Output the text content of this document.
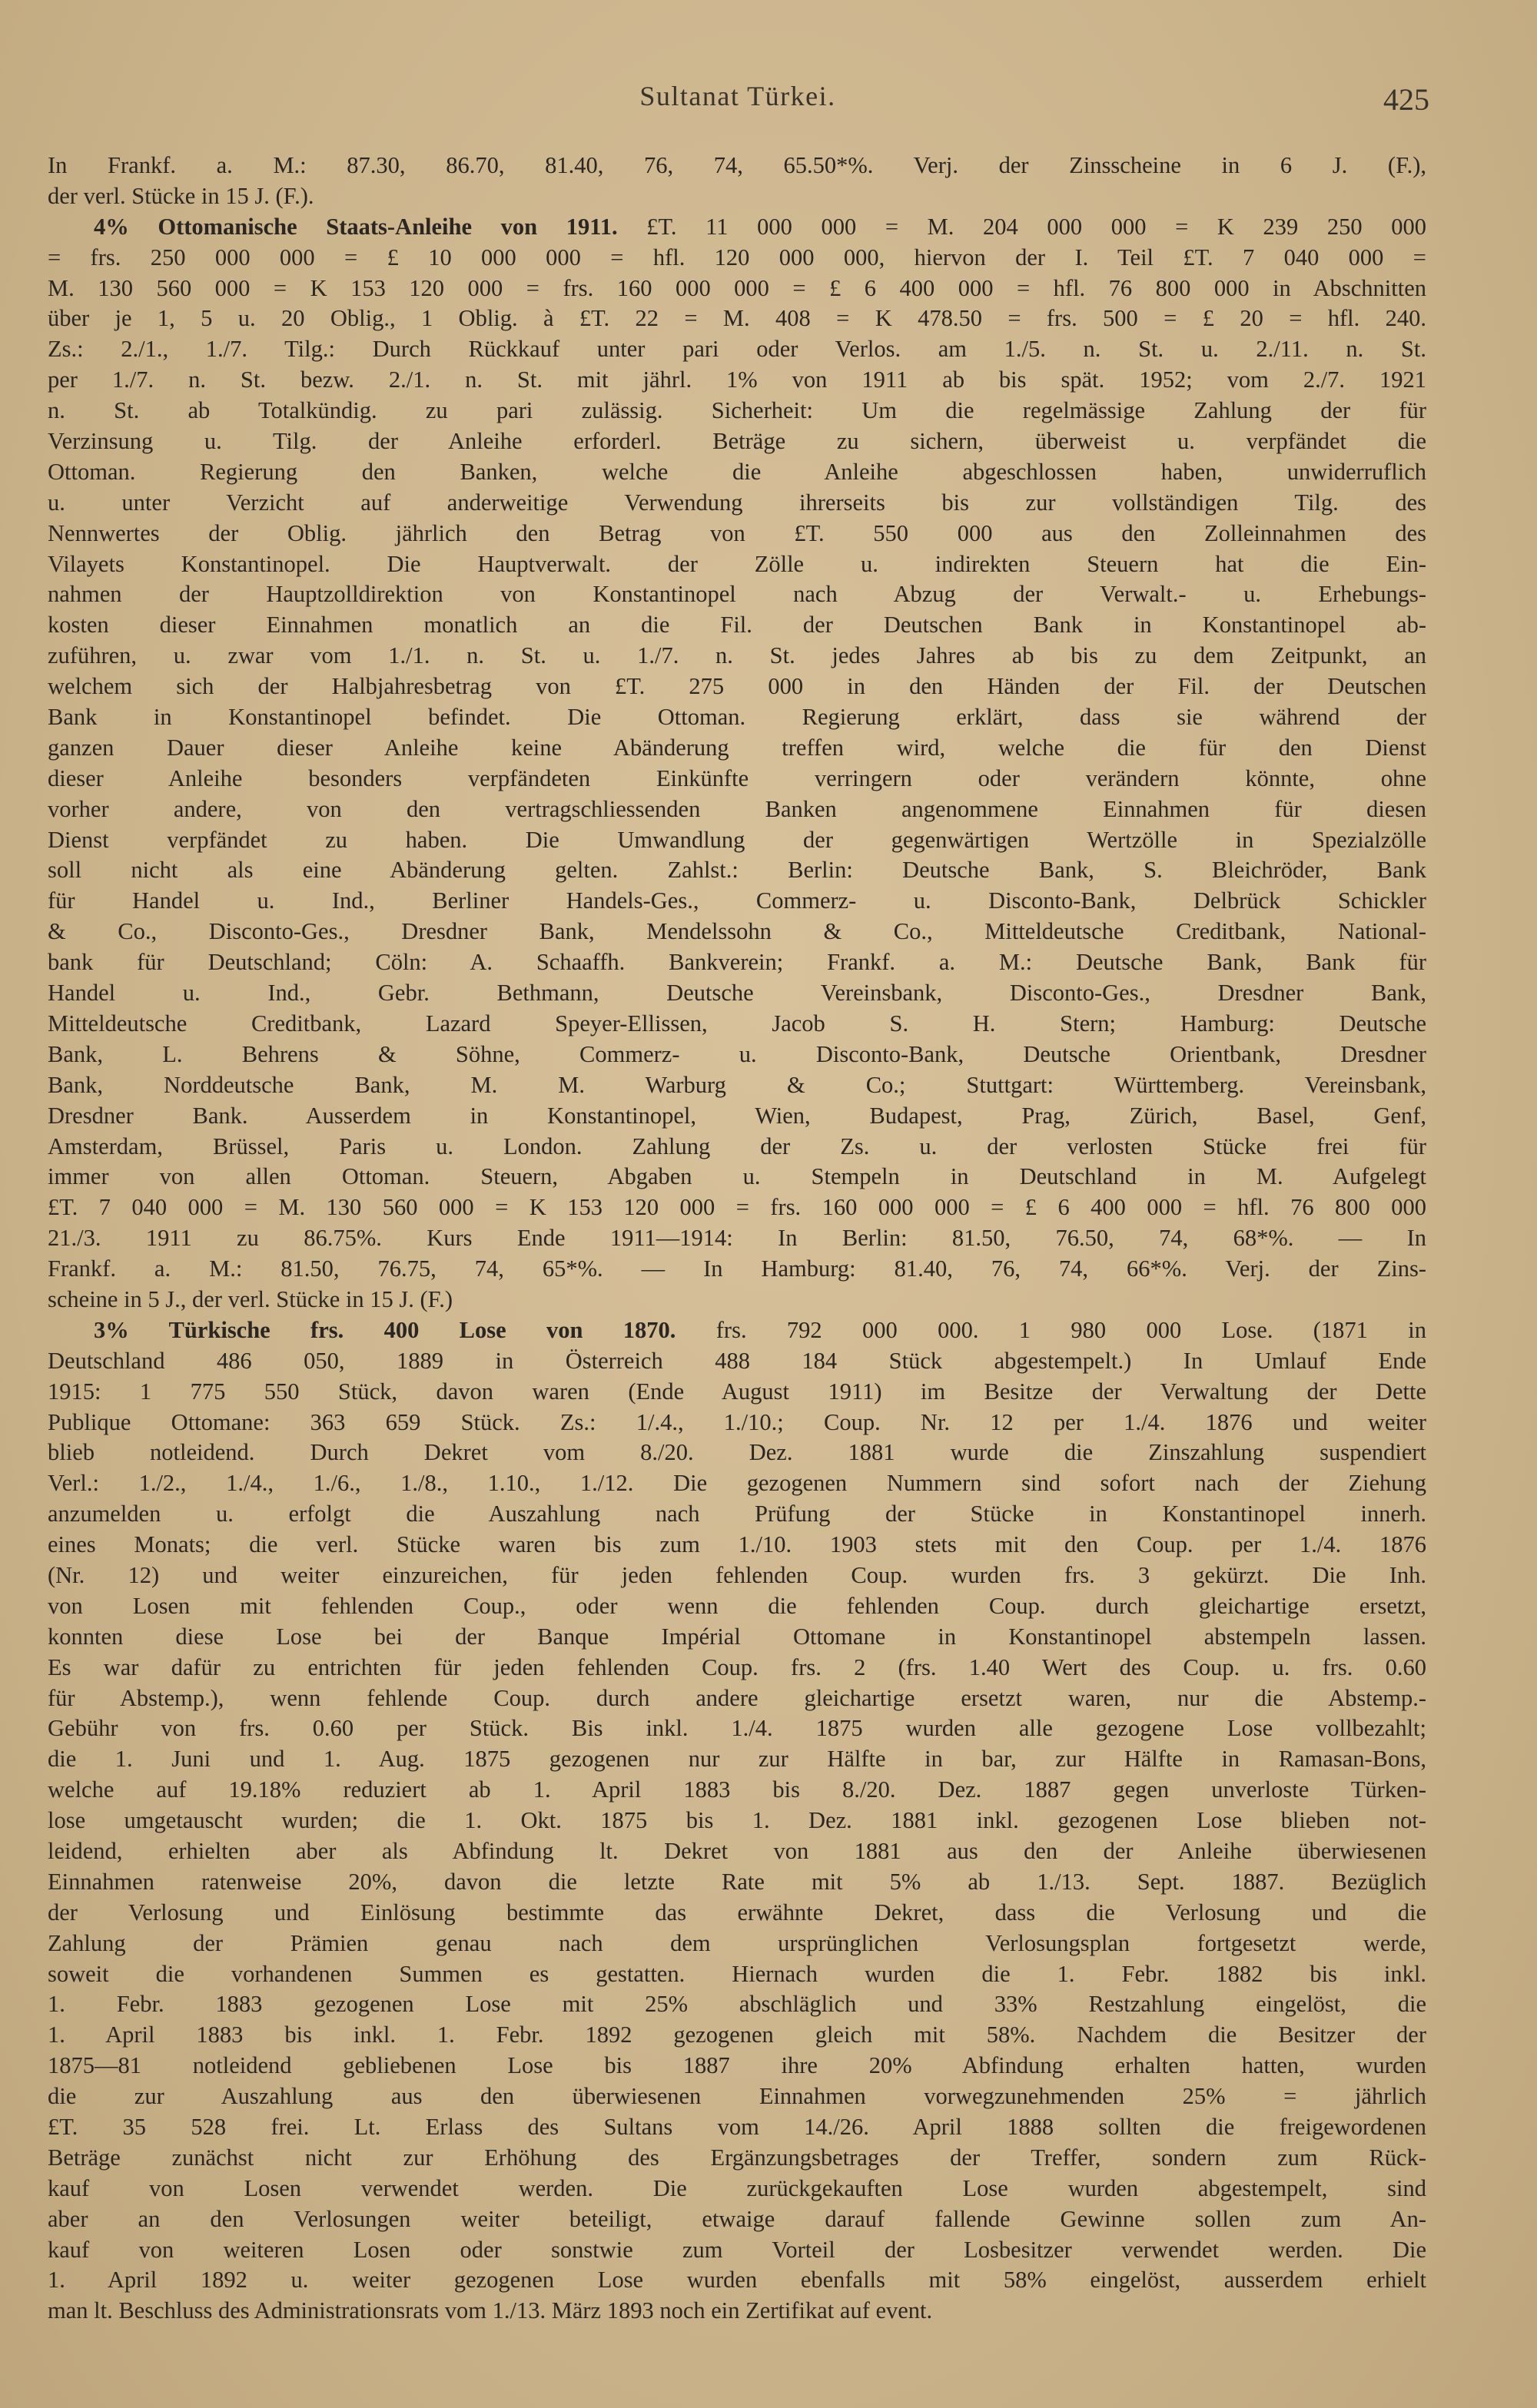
Sultanat Türkei.	425
In Frankf. a. M.: 87.30, 86.70, 81.40, 76, 74, 65.50*%. Verj. der Zinsscheine in 6 J. (F.),
der verl. Stücke in 15 J. (F.).
4% Ottomanische Staats-Anleihe von 1911. £T. 11 000 000 = M. 204 000 000 = K 239 250 000
= frs. 250 000 000 = £ 10 000 000 = hfl. 120 000 000, hiervon der I. Teil £T. 7 040 000 =
M. 130 560 000 = K 153 120 000 = frs. 160 000 000 = £ 6 400 000 = hfl. 76 800 000 in Abschnitten
über je 1, 5 u. 20 Oblig., 1 Oblig. à £T. 22 = M. 408 = K 478.50 = frs. 500 = £ 20 = hfl. 240.
Zs.: 2./1., 1./7. Tilg.: Durch Rückkauf unter pari oder Verlos. am 1./5. n. St. u. 2./11. n. St.
per 1./7. n. St. bezw. 2./1. n. St. mit jährl. 1% von 1911 ab bis spät. 1952; vom 2./7. 1921
n. St. ab Totalkündig. zu pari zulässig. Sicherheit: Um die regelmässige Zahlung der für
Verzinsung u. Tilg. der Anleihe erforderl. Beträge zu sichern, überweist u. verpfändet die
Ottoman. Regierung den Banken, welche die Anleihe abgeschlossen haben, unwiderruflich
u. unter Verzicht auf anderweitige Verwendung ihrerseits bis zur vollständigen Tilg. des
Nennwertes der Oblig. jährlich den Betrag von £T. 550 000 aus den Zolleinnahmen des
Vilayets Konstantinopel. Die Hauptverwalt. der Zölle u. indirekten Steuern hat die Ein-
nahmen der Hauptzolldirektion von Konstantinopel nach Abzug der Verwalt.- u. Erhebungs-
kosten dieser Einnahmen monatlich an die Fil. der Deutschen Bank in Konstantinopel ab-
zuführen, u. zwar vom 1./1. n. St. u. 1./7. n. St. jedes Jahres ab bis zu dem Zeitpunkt, an
welchem sich der Halbjahresbetrag von £T. 275 000 in den Händen der Fil. der Deutschen
Bank in Konstantinopel befindet. Die Ottoman. Regierung erklärt, dass sie während der
ganzen Dauer dieser Anleihe keine Abänderung treffen wird, welche die für den Dienst
dieser Anleihe besonders verpfändeten Einkünfte verringern oder verändern könnte, ohne
vorher andere, von den vertragschliessenden Banken angenommene Einnahmen für diesen
Dienst verpfändet zu haben. Die Umwandlung der gegenwärtigen Wertzölle in Spezialzölle
soll nicht als eine Abänderung gelten. Zahlst.: Berlin: Deutsche Bank, S. Bleichröder, Bank
für Handel u. Ind., Berliner Handels-Ges., Commerz- u. Disconto-Bank, Delbrück Schickler
& Co., Disconto-Ges., Dresdner Bank, Mendelssohn & Co., Mitteldeutsche Creditbank, National-
bank für Deutschland; Cöln: A. Schaaffh. Bankverein; Frankf. a. M.: Deutsche Bank, Bank für
Handel u. Ind., Gebr. Bethmann, Deutsche Vereinsbank, Disconto-Ges., Dresdner Bank,
Mitteldeutsche Creditbank, Lazard Speyer-Ellissen, Jacob S. H. Stern; Hamburg: Deutsche
Bank, L. Behrens & Söhne, Commerz- u. Disconto-Bank, Deutsche Orientbank, Dresdner
Bank, Norddeutsche Bank, M. M. Warburg & Co.; Stuttgart: Württemberg. Vereinsbank,
Dresdner Bank. Ausserdem in Konstantinopel, Wien, Budapest, Prag, Zürich, Basel, Genf,
Amsterdam, Brüssel, Paris u. London. Zahlung der Zs. u. der verlosten Stücke frei für
immer von allen Ottoman. Steuern, Abgaben u. Stempeln in Deutschland in M. Aufgelegt
£T. 7 040 000 = M. 130 560 000 = K 153 120 000 = frs. 160 000 000 = £ 6 400 000 = hfl. 76 800 000
21./3. 1911 zu 86.75%. Kurs Ende 1911—1914: In Berlin: 81.50, 76.50, 74, 68*%. — In
Frankf. a. M.: 81.50, 76.75, 74, 65*%. — In Hamburg: 81.40, 76, 74, 66*%. Verj. der Zins-
scheine in 5 J., der verl. Stücke in 15 J. (F.)
3% Türkische frs. 400 Lose von 1870. frs. 792 000 000. 1 980 000 Lose. (1871 in
Deutschland 486 050, 1889 in Österreich 488 184 Stück abgestempelt.) In Umlauf Ende
1915: 1 775 550 Stück, davon waren (Ende August 1911) im Besitze der Verwaltung der Dette
Publique Ottomane: 363 659 Stück. Zs.: 1/.4., 1./10.; Coup. Nr. 12 per 1./4. 1876 und weiter
blieb notleidend. Durch Dekret vom 8./20. Dez. 1881 wurde die Zinszahlung suspendiert
Verl.: 1./2., 1./4., 1./6., 1./8., 1.10., 1./12. Die gezogenen Nummern sind sofort nach der Ziehung
anzumelden u. erfolgt die Auszahlung nach Prüfung der Stücke in Konstantinopel innerh.
eines Monats; die verl. Stücke waren bis zum 1./10. 1903 stets mit den Coup. per 1./4. 1876
(Nr. 12) und weiter einzureichen, für jeden fehlenden Coup. wurden frs. 3 gekürzt. Die Inh.
von Losen mit fehlenden Coup., oder wenn die fehlenden Coup. durch gleichartige ersetzt,
konnten diese Lose bei der Banque Impérial Ottomane in Konstantinopel abstempeln lassen.
Es war dafür zu entrichten für jeden fehlenden Coup. frs. 2 (frs. 1.40 Wert des Coup. u. frs. 0.60
für Abstemp.), wenn fehlende Coup. durch andere gleichartige ersetzt waren, nur die Abstemp.-
Gebühr von frs. 0.60 per Stück. Bis inkl. 1./4. 1875 wurden alle gezogene Lose vollbezahlt;
die 1. Juni und 1. Aug. 1875 gezogenen nur zur Hälfte in bar, zur Hälfte in Ramasan-Bons,
welche auf 19.18% reduziert ab 1. April 1883 bis 8./20. Dez. 1887 gegen unverloste Türken-
lose umgetauscht wurden; die 1. Okt. 1875 bis 1. Dez. 1881 inkl. gezogenen Lose blieben not-
leidend, erhielten aber als Abfindung lt. Dekret von 1881 aus den der Anleihe überwiesenen
Einnahmen ratenweise 20%, davon die letzte Rate mit 5% ab 1./13. Sept. 1887. Bezüglich
der Verlosung und Einlösung bestimmte das erwähnte Dekret, dass die Verlosung und die
Zahlung der Prämien genau nach dem ursprünglichen Verlosungsplan fortgesetzt werde,
soweit die vorhandenen Summen es gestatten. Hiernach wurden die 1. Febr. 1882 bis inkl.
1. Febr. 1883 gezogenen Lose mit 25% abschläglich und 33% Restzahlung eingelöst, die
1. April 1883 bis inkl. 1. Febr. 1892 gezogenen gleich mit 58%. Nachdem die Besitzer der
1875—81 notleidend gebliebenen Lose bis 1887 ihre 20% Abfindung erhalten hatten, wurden
die zur Auszahlung aus den überwiesenen Einnahmen vorwegzunehmenden 25% = jährlich
£T. 35 528 frei. Lt. Erlass des Sultans vom 14./26. April 1888 sollten die freigewordenen
Beträge zunächst nicht zur Erhöhung des Ergänzungsbetrages der Treffer, sondern zum Rück-
kauf von Losen verwendet werden. Die zurückgekauften Lose wurden abgestempelt, sind
aber an den Verlosungen weiter beteiligt, etwaige darauf fallende Gewinne sollen zum An-
kauf von weiteren Losen oder sonstwie zum Vorteil der Losbesitzer verwendet werden. Die
1. April 1892 u. weiter gezogenen Lose wurden ebenfalls mit 58% eingelöst, ausserdem erhielt
man lt. Beschluss des Administrationsrats vom 1./13. März 1893 noch ein Zertifikat auf event.
